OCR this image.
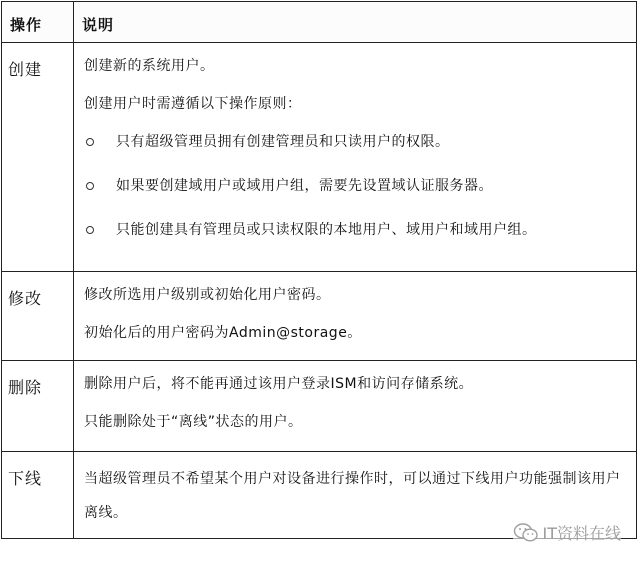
操作	说明

创建	创建新的系统用户。
创建用户时需遵循以下操作原则：
只有超级管理员拥有创建管理员和只读用户的权限。
如果要创建域用户或域用户组，需要先设置域认证服务器。
只能创建具有管理员或只读权限的本地用户、域用户和域用户组。

修改	修改所选用户级别或初始化用户密码。
初始化后的用户密码为Admin@storage。

删除	删除用户后，将不能再通过该用户登录ISM和访问存储系统。
只能删除处于“离线”状态的用户。

下线	当超级管理员不希望某个用户对设备进行操作时，可以通过下线用户功能强制该用户离线。
IT资料在线
